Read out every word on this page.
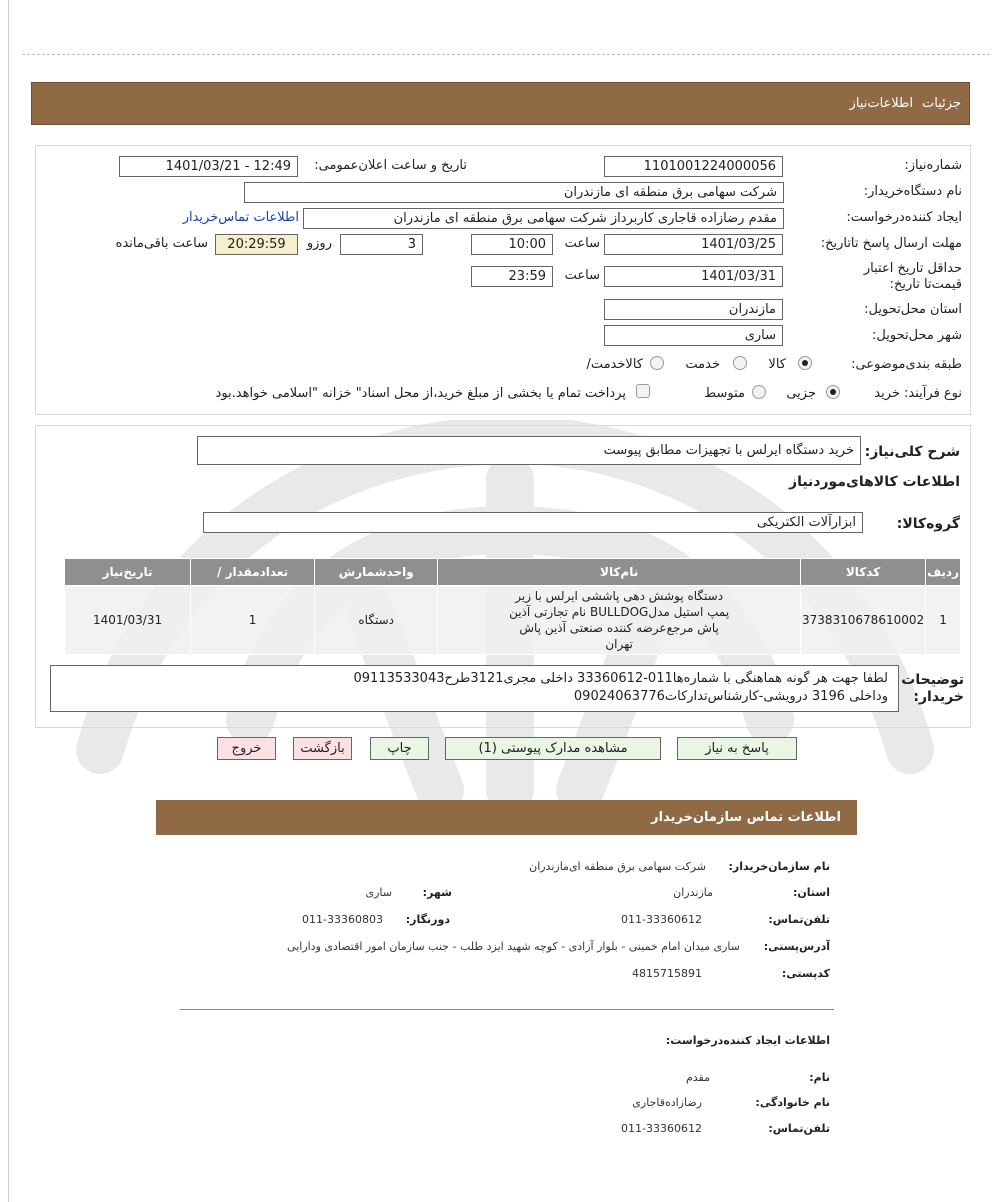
جزئیات
اطلاعات‌نیاز
شماره‌نیاز:
1101001224000056
تاریخ و ساعت اعلان‌عمومی:
1401/03/21 - 12:49
نام دستگاه‌خریدار:
شرکت سهامی برق منطقه ای مازندران
ایجاد کننده‌درخواست:
مقدم رضازاده قاجاری کاربرداز شرکت سهامی برق منطقه ای مازندران
اطلاعات تماس‌خریدار
مهلت ارسال پاسخ تا‌تاریخ:
1401/03/25
ساعت
10:00
3
روزو
20:29:59
ساعت باقی‌مانده
حداقل تاریخ اعتبار قیمت‌تا تاریخ:
1401/03/31
ساعت
23:59
استان محل‌تحویل:
مازندران
شهر محل‌تحویل:
ساری
طبقه بندی‌موضوعی:
کالا
خدمت
کالا‌خدمت/
نوع فرآیند: خرید
جزیی
متوسط
پرداخت تمام یا بخشی از مبلغ خرید،از محل اسناد" خزانه "اسلامی خواهد.بود
شرح کلی‌نیاز:
خرید دستگاه ایرلس با تجهیزات مطابق پیوست
اطلاعات کالاهای‌موردنیاز
گروه‌کالا:
ابزارآلات الکتریکی
ردیف	کدکالا	نام‌کالا	واحدشمارش	تعداد‌مقدار /	تاریخ‌نیاز
1	3738310678610002	دستگاه پوشش دهی پاششی ایرلس با زیر پمپ استیل مدلBULLDOG نام تجارتی آذین پاش مرجع‌عرضه کننده صنعتی آذین پاش تهران	دستگاه	1	1401/03/31
توضیحات خریدار:
لطفا جهت هر گونه هماهنگی با شماره‌ها011-33360612 داخلی مجری3121طرح09113533043
وداخلی 3196 درویشی-کارشناس‌تدارکات09024063776
پاسخ به نیاز
مشاهده مدارک پیوستی (1)
چاپ
بازگشت
خروج
اطلاعات تماس سازمان‌خریدار
نام سازمان‌خریدار:
شرکت سهامی برق منطقه ای‌مازندران
استان:
مازندران
شهر:
ساری
تلفن‌تماس:
011-33360612
دورنگار:
011-33360803
آدرس‌پستی:
ساری میدان امام خمینی - بلوار آزادی - کوچه شهید ایزد طلب - جنب سازمان امور اقتصادی ودارایی
کد‌پستی:
4815715891
اطلاعات ایجاد کننده‌درخواست:
نام:
مقدم
نام خانوادگی:
رضازاده‌قاجاری
تلفن‌تماس:
011-33360612
